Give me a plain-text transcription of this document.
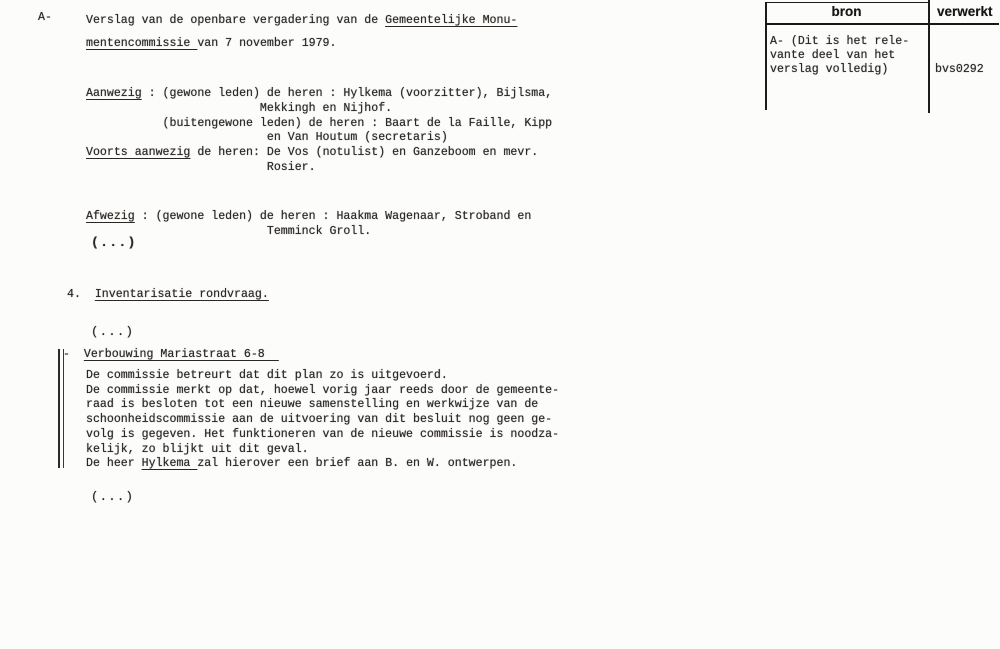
A-	Verslag van de openbare vergadering van de Gemeentelijke Monu-
mentencommissie van 7 november 1979.
Aanwezig : (gewone leden) de heren : Hylkema (voorzitter), Bijlsma,
Mekkingh en Nijhof.
(buitengewone leden) de heren : Baart de la Faille, Kipp
en Van Houtum (secretaris)
Voorts aanwezig de heren: De Vos (notulist) en Ganzeboom en mevr.
Rosier.
Afwezig : (gewone leden) de heren : Haakma Wagenaar, Stroband en
Temminck Groll.
(...)
4.  Inventarisatie rondvraag.
(...)
-  Verbouwing Mariastraat 6-8
De commissie betreurt dat dit plan zo is uitgevoerd.
De commissie merkt op dat, hoewel vorig jaar reeds door de gemeente-
raad is besloten tot een nieuwe samenstelling en werkwijze van de
schoonheidscommissie aan de uitvoering van dit besluit nog geen ge-
volg is gegeven. Het funktioneren van de nieuwe commissie is noodza-
kelijk, zo blijkt uit dit geval.
De heer Hylkema zal hierover een brief aan B. en W. ontwerpen.
(...)
bron	verwerkt
A- (Dit is het rele-
vante deel van het
verslag volledig)	bvs0292
